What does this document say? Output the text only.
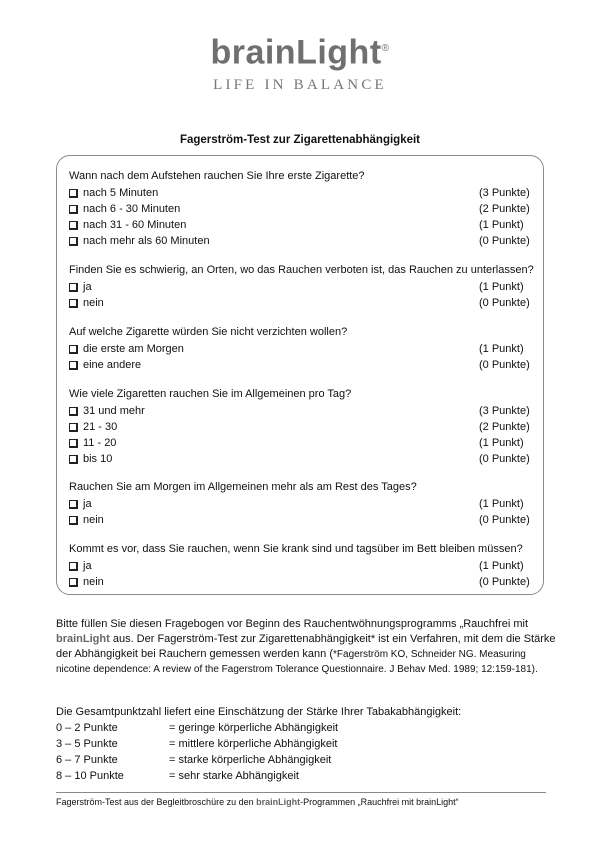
brainLight®
LIFE IN BALANCE
Fagerström-Test zur Zigarettenabhängigkeit
Wann nach dem Aufstehen rauchen Sie Ihre erste Zigarette?
nach 5 Minuten	(3 Punkte)
nach 6 - 30 Minuten	(2 Punkte)
nach 31 - 60 Minuten	(1 Punkt)
nach mehr als 60 Minuten	(0 Punkte)
Finden Sie es schwierig, an Orten, wo das Rauchen verboten ist, das Rauchen zu unterlassen?
ja	(1 Punkt)
nein	(0 Punkte)
Auf welche Zigarette würden Sie nicht verzichten wollen?
die erste am Morgen	(1 Punkt)
eine andere	(0 Punkte)
Wie viele Zigaretten rauchen Sie im Allgemeinen pro Tag?
31 und mehr	(3 Punkte)
21 - 30	(2 Punkte)
11 - 20	(1 Punkt)
bis 10	(0 Punkte)
Rauchen Sie am Morgen im Allgemeinen mehr als am Rest des Tages?
ja	(1 Punkt)
nein	(0 Punkte)
Kommt es vor, dass Sie rauchen, wenn Sie krank sind und tagsüber im Bett bleiben müssen?
ja	(1 Punkt)
nein	(0 Punkte)
Bitte füllen Sie diesen Fragebogen vor Beginn des Rauchentwöhnungsprogramms „Rauchfrei mit
brainLight aus. Der Fagerström-Test zur Zigarettenabhängigkeit* ist ein Verfahren, mit dem die Stärke der Abhängigkeit bei Rauchern gemessen werden kann (*Fagerström KO, Schneider NG. Measuring nicotine dependence: A review of the Fagerstrom Tolerance Questionnaire. J Behav Med. 1989; 12:159-181).
Die Gesamtpunktzahl liefert eine Einschätzung der Stärke Ihrer Tabakabhängigkeit:
0 – 2 Punkte	= geringe körperliche Abhängigkeit
3 – 5 Punkte	= mittlere körperliche Abhängigkeit
6 – 7 Punkte	= starke körperliche Abhängigkeit
8 – 10 Punkte	= sehr starke Abhängigkeit
Fagerström-Test aus der Begleitbroschüre zu den brainLight-Programmen „Rauchfrei mit brainLight“
